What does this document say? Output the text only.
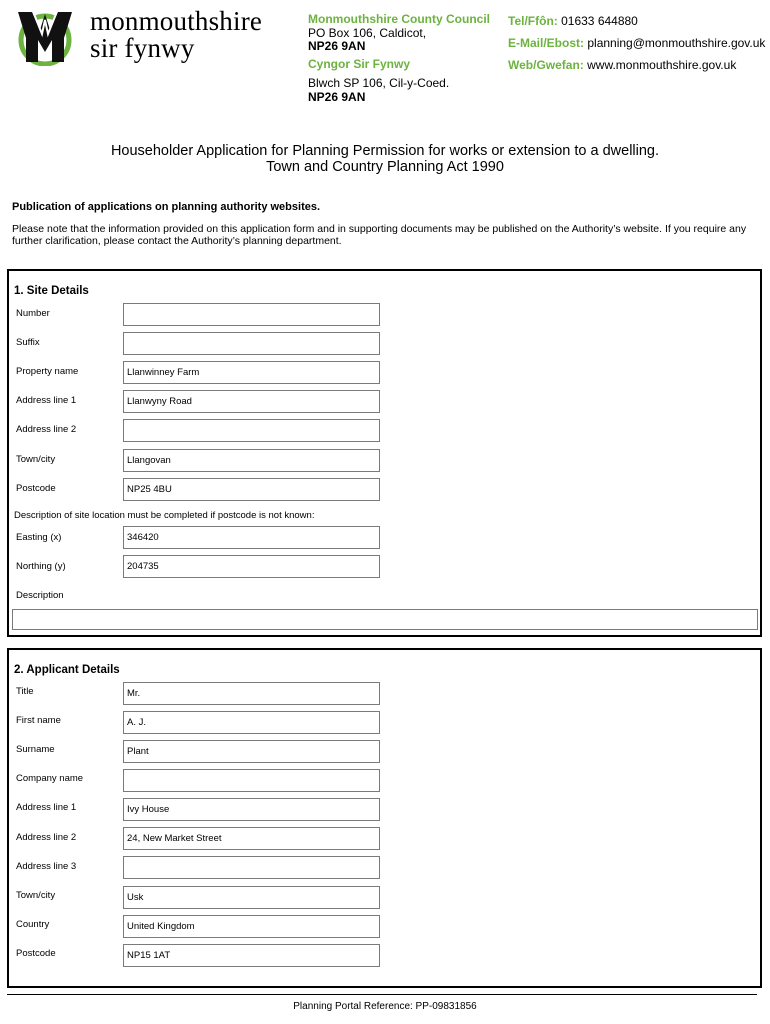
monmouthshire
sir fynwy
Monmouthshire County Council
PO Box 106, Caldicot,
NP26 9AN
Cyngor Sir Fynwy
Blwch SP 106, Cil-y-Coed.
NP26 9AN
Tel/Ffôn: 01633 644880
E-Mail/Ebost: planning@monmouthshire.gov.uk
Web/Gwefan: www.monmouthshire.gov.uk
Householder Application for Planning Permission for works or extension to a dwelling.
Town and Country Planning Act 1990
Publication of applications on planning authority websites.
Please note that the information provided on this application form and in supporting documents may be published on the Authority’s website. If you require any further clarification, please contact the Authority’s planning department.
1. Site Details
Number
Suffix
Property name	Llanwinney Farm
Address line 1	Llanwyny Road
Address line 2
Town/city	Llangovan
Postcode	NP25 4BU
Description of site location must be completed if postcode is not known:
Easting (x)	346420
Northing (y)	204735
Description
2. Applicant Details
Title	Mr.
First name	A. J.
Surname	Plant
Company name
Address line 1	Ivy House
Address line 2	24, New Market Street
Address line 3
Town/city	Usk
Country	United Kingdom
Postcode	NP15 1AT
Planning Portal Reference: PP-09831856
